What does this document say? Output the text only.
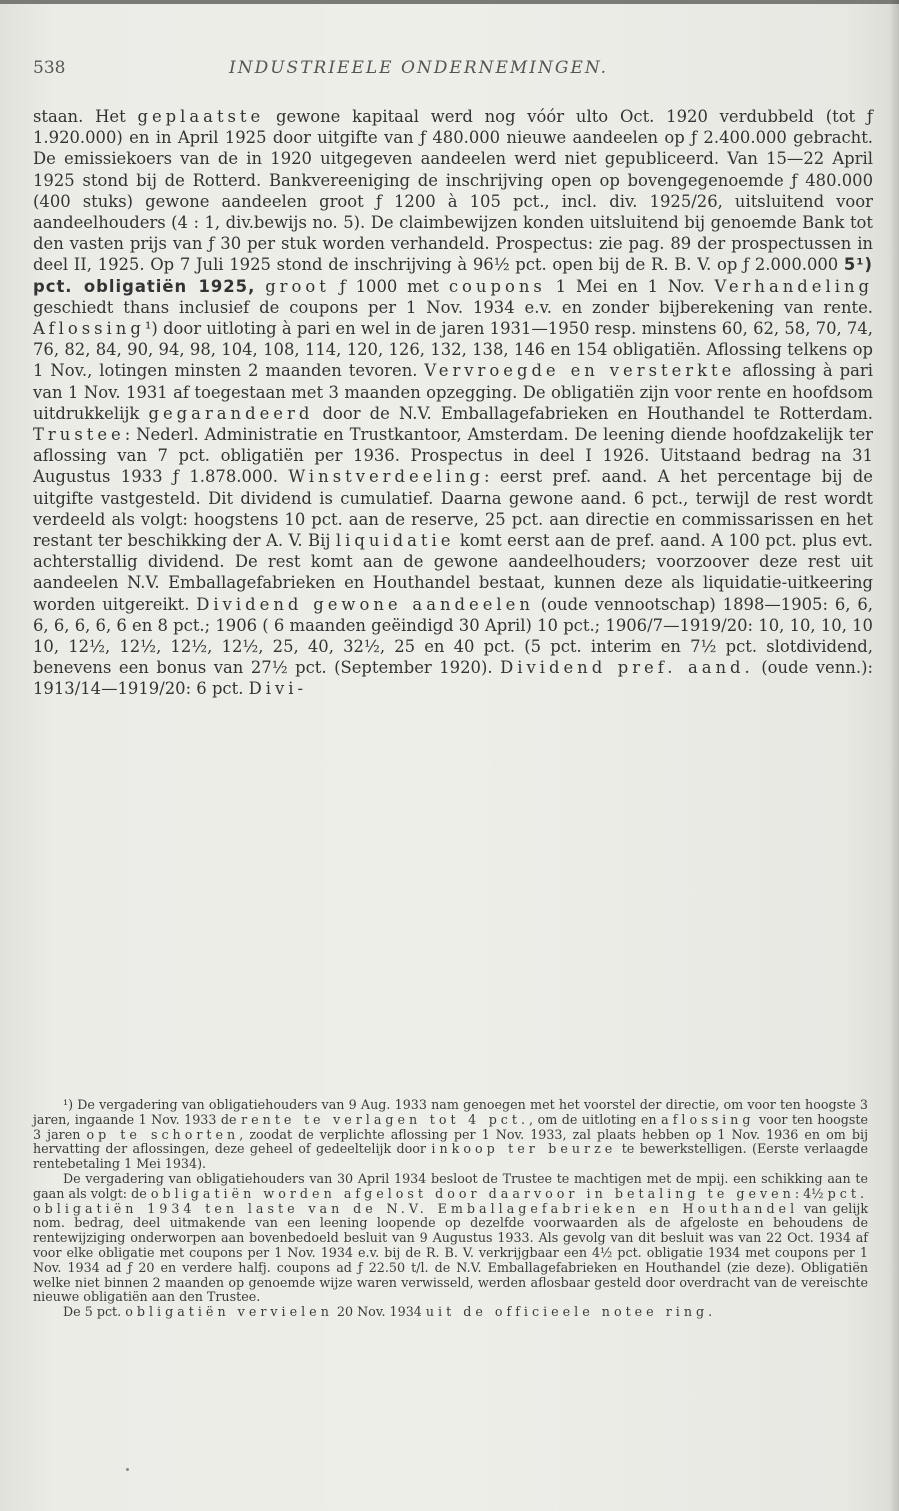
538	INDUSTRIEELE ONDERNEMINGEN.

staan. Het geplaatste gewone kapitaal werd nog vóór ulto Oct. 1920 verdubbeld (tot ƒ 1.920.000) en in April 1925 door uitgifte van ƒ 480.000 nieuwe aandeelen op ƒ 2.400.000 gebracht. De emissiekoers van de in 1920 uitgegeven aandeelen werd niet gepubliceerd. Van 15—22 April 1925 stond bij de Rotterd. Bankvereeniging de inschrijving open op bovengegenoemde ƒ 480.000 (400 stuks) gewone aandeelen groot ƒ 1200 à 105 pct., incl. div. 1925/26, uitsluitend voor aandeelhouders (4 : 1, div.bewijs no. 5). De claimbewijzen konden uitsluitend bij genoemde Bank tot den vasten prijs van ƒ 30 per stuk worden verhandeld. Prospectus: zie pag. 89 der prospectussen in deel II, 1925. Op 7 Juli 1925 stond de inschrijving à 96½ pct. open bij de R. B. V. op ƒ 2.000.000 5¹) pct. obligatiën 1925, groot ƒ 1000 met coupons 1 Mei en 1 Nov. Verhandeling geschiedt thans inclusief de coupons per 1 Nov. 1934 e.v. en zonder bijberekening van rente. Aflossing¹) door uitloting à pari en wel in de jaren 1931—1950 resp. minstens 60, 62, 58, 70, 74, 76, 82, 84, 90, 94, 98, 104, 108, 114, 120, 126, 132, 138, 146 en 154 obligatiën. Aflossing telkens op 1 Nov., lotingen minsten 2 maanden tevoren. Vervroegde en versterkte aflossing à pari van 1 Nov. 1931 af toegestaan met 3 maanden opzegging. De obligatiën zijn voor rente en hoofdsom uitdrukkelijk gegarandeerd door de N.V. Emballagefabrieken en Houthandel te Rotterdam. Trustee: Nederl. Administratie en Trustkantoor, Amsterdam. De leening diende hoofdzakelijk ter aflossing van 7 pct. obligatiën per 1936. Prospectus in deel I 1926. Uitstaand bedrag na 31 Augustus 1933 ƒ 1.878.000. Winstverdeeling: eerst pref. aand. A het percentage bij de uitgifte vastgesteld. Dit dividend is cumulatief. Daarna gewone aand. 6 pct., terwijl de rest wordt verdeeld als volgt: hoogstens 10 pct. aan de reserve, 25 pct. aan directie en commissarissen en het restant ter beschikking der A. V. Bij liquidatie komt eerst aan de pref. aand. A 100 pct. plus evt. achterstallig dividend. De rest komt aan de gewone aandeelhouders; voorzoover deze rest uit aandeelen N.V. Emballagefabrieken en Houthandel bestaat, kunnen deze als liquidatie-uitkeering worden uitgereikt. Dividend gewone aandeelen (oude vennootschap) 1898—1905: 6, 6, 6, 6, 6, 6, 6 en 8 pct.; 1906 ( 6 maanden geëindigd 30 April) 10 pct.; 1906/7—1919/20: 10, 10, 10, 10 10, 12½, 12½, 12½, 12½, 25, 40, 32½, 25 en 40 pct. (5 pct. interim en 7½ pct. slotdividend, benevens een bonus van 27½ pct. (September 1920). Dividend pref. aand. (oude venn.): 1913/14—1919/20: 6 pct. Divi-

¹) De vergadering van obligatiehouders van 9 Aug. 1933 nam genoegen met het voorstel der directie, om voor ten hoogste 3 jaren, ingaande 1 Nov. 1933 de rente te verlagen tot 4 pct., om de uitloting en aflossing voor ten hoogste 3 jaren op te schorten, zoodat de verplichte aflossing per 1 Nov. 1933, zal plaats hebben op 1 Nov. 1936 en om bij hervatting der aflossingen, deze geheel of gedeeltelijk door inkoop ter beurze te bewerkstelligen. (Eerste verlaagde rentebetaling 1 Mei 1934).

De vergadering van obligatiehouders van 30 April 1934 besloot de Trustee te machtigen met de mpij. een schikking aan te gaan als volgt: de obligatiën worden afgelost door daarvoor in betaling te geven: 4½ pct. obligatiën 1934 ten laste van de N.V. Emballagefabrieken en Houthandel van gelijk nom. bedrag, deel uitmakende van een leening loopende op dezelfde voorwaarden als de afgeloste en behoudens de rentewijziging onderworpen aan bovenbedoeld besluit van 9 Augustus 1933. Als gevolg van dit besluit was van 22 Oct. 1934 af voor elke obligatie met coupons per 1 Nov. 1934 e.v. bij de R. B. V. verkrijgbaar een 4½ pct. obligatie 1934 met coupons per 1 Nov. 1934 ad ƒ 20 en verdere halfj. coupons ad ƒ 22.50 t/l. de N.V. Emballagefabrieken en Houthandel (zie deze). Obligatiën welke niet binnen 2 maanden op genoemde wijze waren verwisseld, werden aflosbaar gesteld door overdracht van de vereischte nieuwe obligatiën aan den Trustee.

De 5 pct. obligatiën vervielen 20 Nov. 1934 uit de officieele notee ring.
